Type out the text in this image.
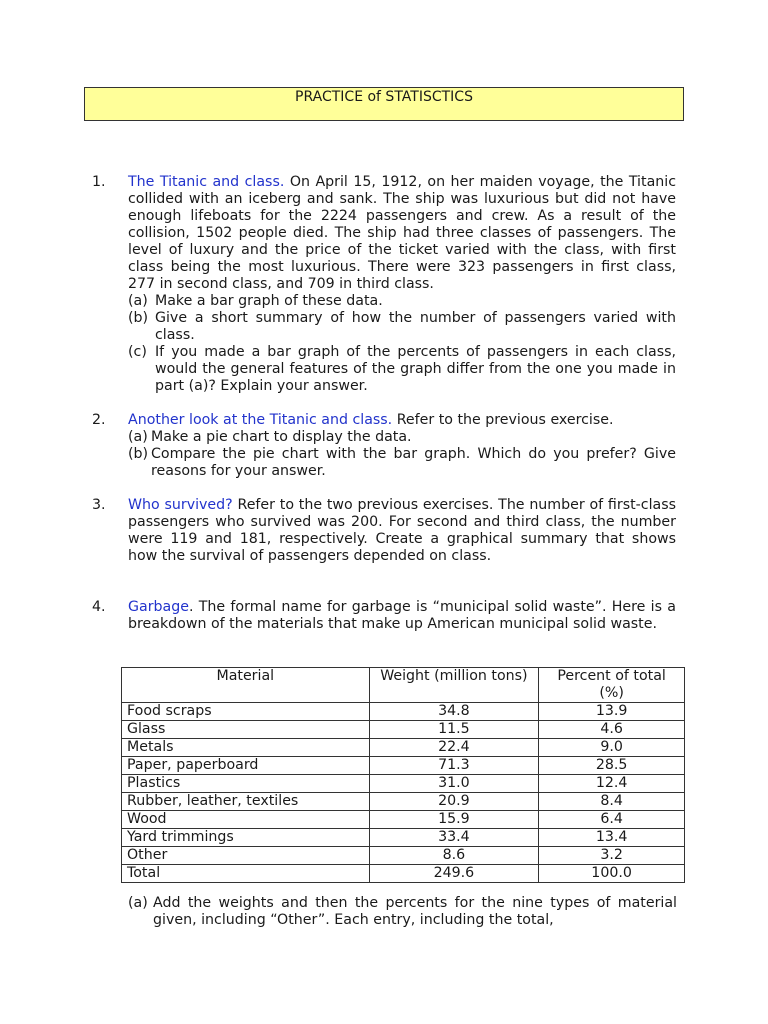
PRACTICE of STATISCTICS
1. The Titanic and class. On April 15, 1912, on her maiden voyage, the Titanic collided with an iceberg and sank. The ship was luxurious but did not have enough lifeboats for the 2224 passengers and crew. As a result of the collision, 1502 people died. The ship had three classes of passengers. The level of luxury and the price of the ticket varied with the class, with first class being the most luxurious. There were 323 passengers in first class, 277 in second class, and 709 in third class.

(a) Make a bar graph of these data.
(b) Give a short summary of how the number of passengers varied with class.
(c) If you made a bar graph of the percents of passengers in each class, would the general features of the graph differ from the one you made in part (a)? Explain your answer.
2. Another look at the Titanic and class. Refer to the previous exercise.

(a) Make a pie chart to display the data.
(b) Compare the pie chart with the bar graph. Which do you prefer? Give reasons for your answer.
3. Who survived? Refer to the two previous exercises. The number of first-class passengers who survived was 200. For second and third class, the number were 119 and 181, respectively. Create a graphical summary that shows how the survival of passengers depended on class.

4. Garbage. The formal name for garbage is “municipal solid waste”. Here is a breakdown of the materials that make up American municipal solid waste.

Material	Weight (million tons)	Percent of total (%)
Food scraps	34.8	13.9
Glass	11.5	4.6
Metals	22.4	9.0
Paper, paperboard	71.3	28.5
Plastics	31.0	12.4
Rubber, leather, textiles	20.9	8.4
Wood	15.9	6.4
Yard trimmings	33.4	13.4
Other	8.6	3.2
Total	249.6	100.0
(a) Add the weights and then the percents for the nine types of material given, including “Other”. Each entry, including the total,
